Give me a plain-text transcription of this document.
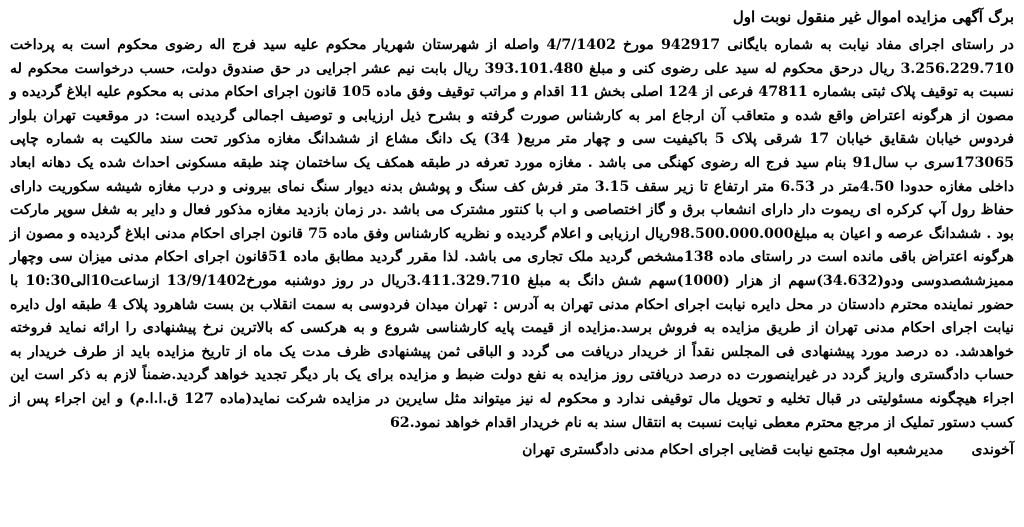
برگ آگهی مزایده اموال غیر منقول نوبت اول

در راستای اجرای مفاد نیابت به شماره بایگانی 942917 مورخ 4/7/1402 واصله از شهرستان شهریار محکوم علیه سید فرج اله رضوی محکوم است به پرداخت 3.256.229.710 ریال درحق محکوم له سید علی رضوی کنی و مبلغ 393.101.480 ریال بابت نیم عشر اجرایی در حق صندوق دولت، حسب درخواست محکوم له نسبت به توقیف پلاک ثبتی بشماره 47811 فرعی از 124 اصلی بخش 11 اقدام و مراتب توقیف وفق ماده 105 قانون اجرای احکام مدنی به محکوم علیه ابلاغ گردیده و مصون از هرگونه اعتراض واقع شده و متعاقب آن ارجاع امر به کارشناس صورت گرفته و بشرح ذیل ارزیابی و توصیف اجمالی گردیده است: در موقعیت تهران بلوار فردوس خیابان شقایق خیابان 17 شرقی پلاک 5 باکیفیت سی و چهار متر مربع( 34) یک دانگ مشاع از ششدانگ مغازه مذکور تحت سند مالکیت به شماره چاپی 173065سری ب سال91 بنام سید فرج اله رضوی کهنگی می باشد . مغازه مورد تعرفه در طبقه همکف یک ساختمان چند طبقه مسکونی احداث شده یک دهانه ابعاد داخلی مغازه حدودا 4.50متر در 6.53 متر ارتفاع تا زیر سقف 3.15 متر فرش کف سنگ و پوشش بدنه دیوار سنگ نمای بیرونی و درب مغازه شیشه سکوریت دارای حفاظ رول آپ کرکره ای ریموت دار دارای انشعاب برق و گاز اختصاصی و اب با کنتور مشترک می باشد .در زمان بازدید مغازه مذکور فعال و دایر به شغل سوپر مارکت بود . ششدانگ عرصه و اعیان به مبلغ98.500.000.000ریال ارزیابی و اعلام گردیده و نظریه کارشناس وفق ماده 75 قانون اجرای احکام مدنی ابلاغ گردیده و مصون از هرگونه اعتراض باقی مانده است در راستای ماده 138مشخص گردید ملک تجاری می باشد. لذا مقرر گردید مطابق ماده 51قانون اجرای احکام مدنی میزان سی وچهار ممیزششصدوسی ودو(34.632)سهم از هزار (1000)سهم شش دانگ به مبلغ 3.411.329.710ریال در روز دوشنبه مورخ13/9/1402 ازساعت10الی10:30 با حضور نماینده محترم دادستان در محل دایره نیابت اجرای احکام مدنی تهران به آدرس : تهران میدان فردوسی به سمت انقلاب بن بست شاهرود پلاک 4 طبقه اول دایره نیابت اجرای احکام مدنی تهران از طریق مزایده به فروش برسد.مزایده از قیمت پایه کارشناسی شروع و به هرکسی که بالاترین نرخ پیشنهادی را ارائه نماید فروخته خواهدشد. ده درصد مورد پیشنهادی فی المجلس نقداً از خریدار دریافت می گردد و الباقی ثمن پیشنهادی ظرف مدت یک ماه از تاریخ مزایده باید از طرف خریدار به حساب دادگستری واریز گردد در غیراینصورت ده درصد دریافتی روز مزایده به نفع دولت ضبط و مزایده برای یک بار دیگر تجدید خواهد گردید.ضمناً لازم به ذکر است این اجراء هیچگونه مسئولیتی در قبال تخلیه و تحویل مال توقیفی ندارد و محکوم له نیز میتواند مثل سایرین در مزایده شرکت نماید(ماده 127 ق.ا.ا.م) و این اجراء پس از کسب دستور تملیک از مرجع محترم معطی نیابت نسبت به انتقال سند به نام خریدار اقدام خواهد نمود.62

آخوندیمدیرشعبه اول مجتمع نیابت قضایی اجرای احکام مدنی دادگستری تهران
